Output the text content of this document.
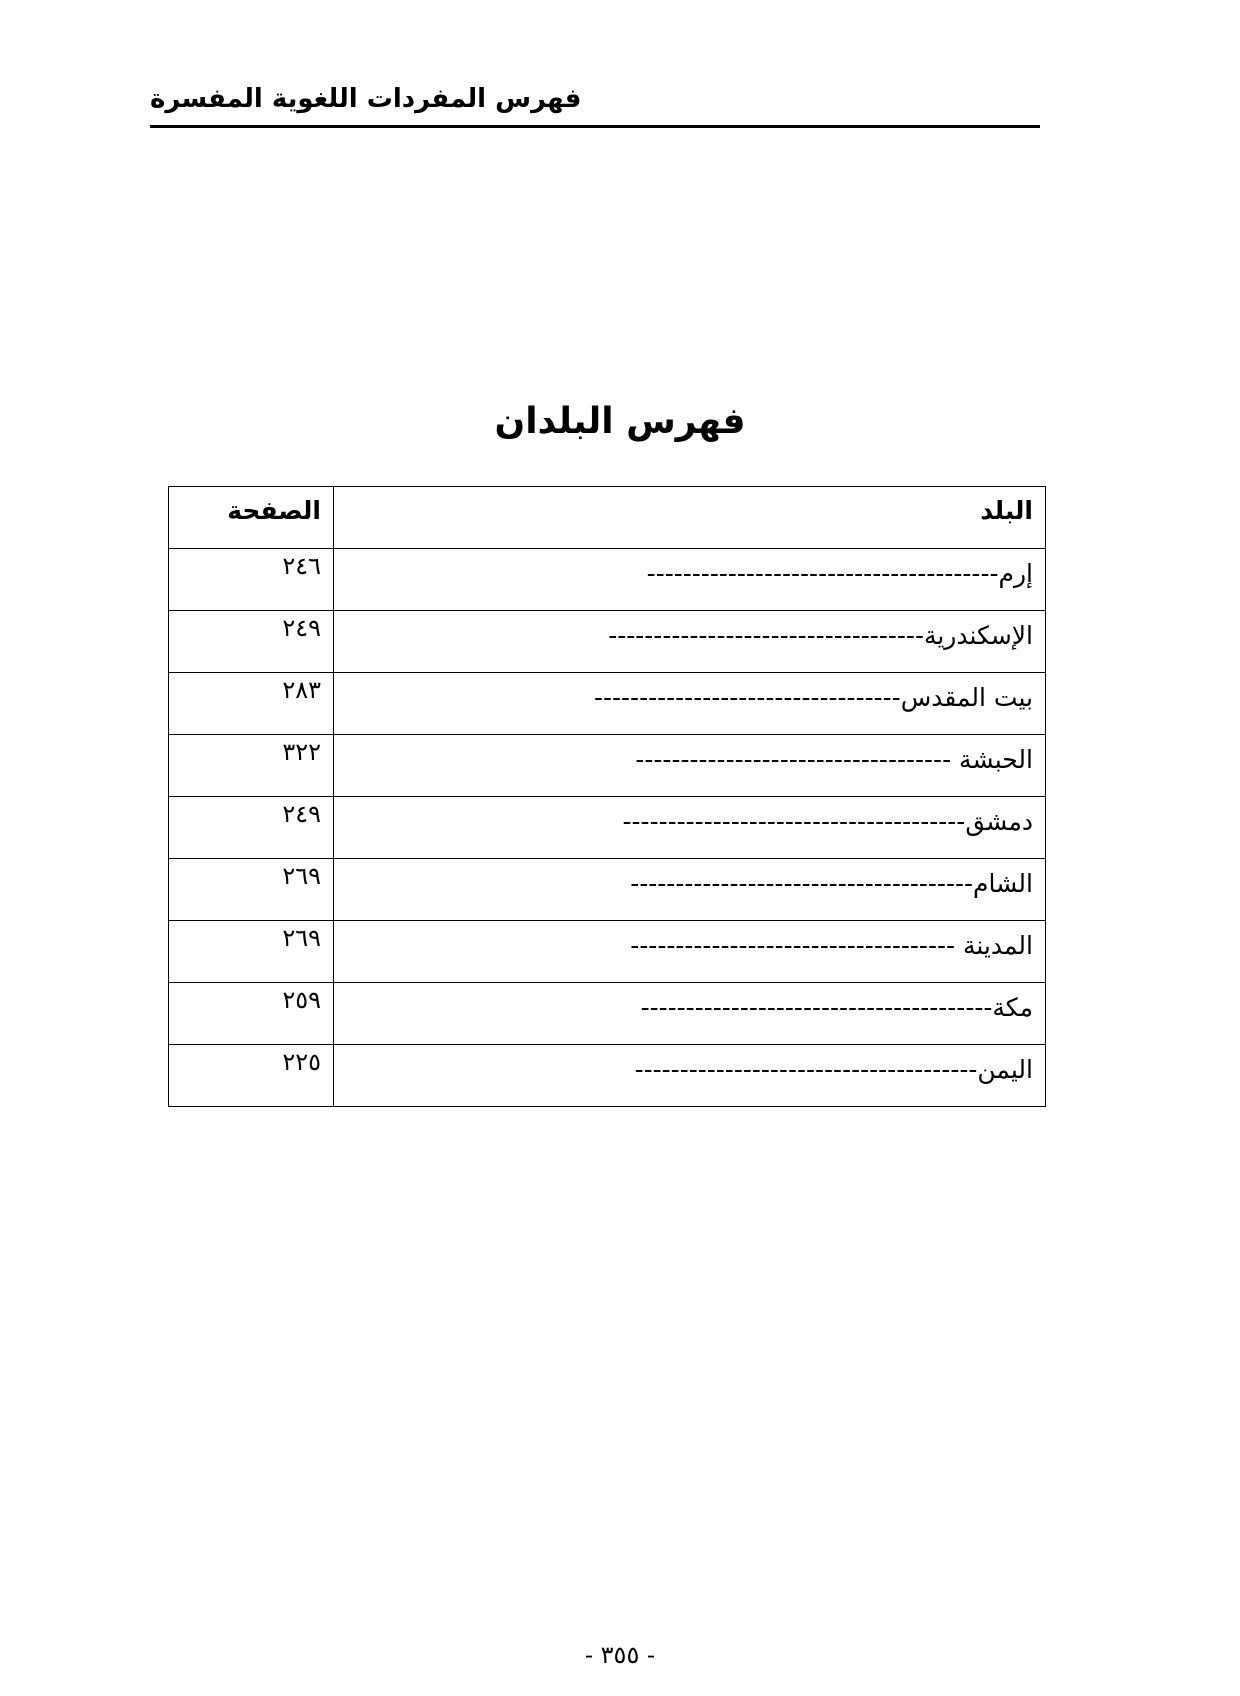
فهرس المفردات اللغوية المفسرة
فهرس البلدان
البلد	الصفحة

إرم---------------------------------------	٢٤٦

الإسكندرية-----------------------------------	٢٤٩

بيت المقدس----------------------------------	٢٨٣

الحبشة -----------------------------------	٣٢٢

دمشق--------------------------------------	٢٤٩

الشام--------------------------------------	٢٦٩

المدينة ------------------------------------	٢٦٩

مكة---------------------------------------	٢٥٩

اليمن--------------------------------------	٢٢٥
- ٣٥٥ -
